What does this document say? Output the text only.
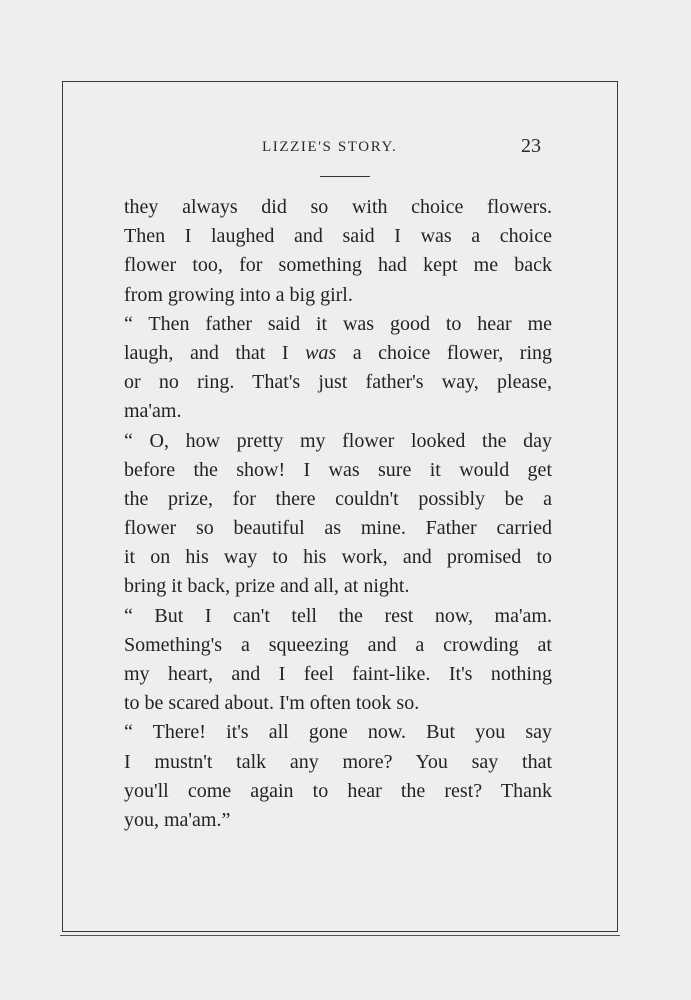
LIZZIE'S STORY.	23
they always did so with choice flowers.
Then I laughed and said I was a choice
flower too, for something had kept me back
from growing into a big girl.
“ Then father said it was good to hear me
laugh, and that I was a choice flower, ring
or no ring. That's just father's way, please,
ma'am.
“ O, how pretty my flower looked the day
before the show! I was sure it would get
the prize, for there couldn't possibly be a
flower so beautiful as mine. Father carried
it on his way to his work, and promised to
bring it back, prize and all, at night.
“ But I can't tell the rest now, ma'am.
Something's a squeezing and a crowding at
my heart, and I feel faint-like. It's nothing
to be scared about. I'm often took so.
“ There! it's all gone now. But you say
I mustn't talk any more? You say that
you'll come again to hear the rest? Thank
you, ma'am.”
